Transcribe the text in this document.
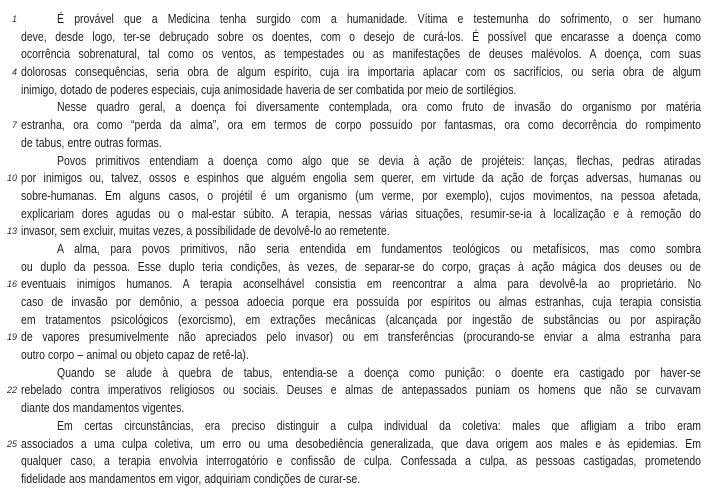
1	É provável que a Medicina tenha surgido com a humanidade. Vítima e testemunha do sofrimento, o ser humano
deve, desde logo, ter-se debruçado sobre os doentes, com o desejo de curá-los. É possível que encarasse a doença como
ocorrência sobrenatural, tal como os ventos, as tempestades ou as manifestações de deuses malévolos. A doença, com suas
4 dolorosas consequências, seria obra de algum espírito, cuja ira importaria aplacar com os sacrifícios, ou seria obra de algum
inimigo, dotado de poderes especiais, cuja animosidade haveria de ser combatida por meio de sortilégios.
Nesse quadro geral, a doença foi diversamente contemplada, ora como fruto de invasão do organismo por matéria
7 estranha, ora como “perda da alma”, ora em termos de corpo possuído por fantasmas, ora como decorrência do rompimento
de tabus, entre outras formas.
Povos primitivos entendiam a doença como algo que se devia à ação de projéteis: lanças, flechas, pedras atiradas
10 por inimigos ou, talvez, ossos e espinhos que alguém engolia sem querer, em virtude da ação de forças adversas, humanas ou
sobre-humanas. Em alguns casos, o projétil é um organismo (um verme, por exemplo), cujos movimentos, na pessoa afetada,
explicariam dores agudas ou o mal-estar súbito. A terapia, nessas várias situações, resumir-se-ia à localização e à remoção do
13 invasor, sem excluir, muitas vezes, a possibilidade de devolvê-lo ao remetente.
A alma, para povos primitivos, não seria entendida em fundamentos teológicos ou metafísicos, mas como sombra
ou duplo da pessoa. Esse duplo teria condições, às vezes, de separar-se do corpo, graças à ação mágica dos deuses ou de
16 eventuais inimigos humanos. A terapia aconselhável consistia em reencontrar a alma para devolvê-la ao proprietário. No
caso de invasão por demônio, a pessoa adoecia porque era possuída por espíritos ou almas estranhas, cuja terapia consistia
em tratamentos psicológicos (exorcismo), em extrações mecânicas (alcançada por ingestão de substâncias ou por aspiração
19 de vapores presumivelmente não apreciados pelo invasor) ou em transferências (procurando-se enviar a alma estranha para
outro corpo – animal ou objeto capaz de retê-la).
Quando se alude à quebra de tabus, entendia-se a doença como punição: o doente era castigado por haver-se
22 rebelado contra imperativos religiosos ou sociais. Deuses e almas de antepassados puniam os homens que não se curvavam
diante dos mandamentos vigentes.
Em certas circunstâncias, era preciso distinguir a culpa individual da coletiva: males que afligiam a tribo eram
25 associados a uma culpa coletiva, um erro ou uma desobediência generalizada, que dava origem aos males e às epidemias. Em
qualquer caso, a terapia envolvia interrogatório e confissão de culpa. Confessada a culpa, as pessoas castigadas, prometendo
fidelidade aos mandamentos em vigor, adquiriam condições de curar-se.
